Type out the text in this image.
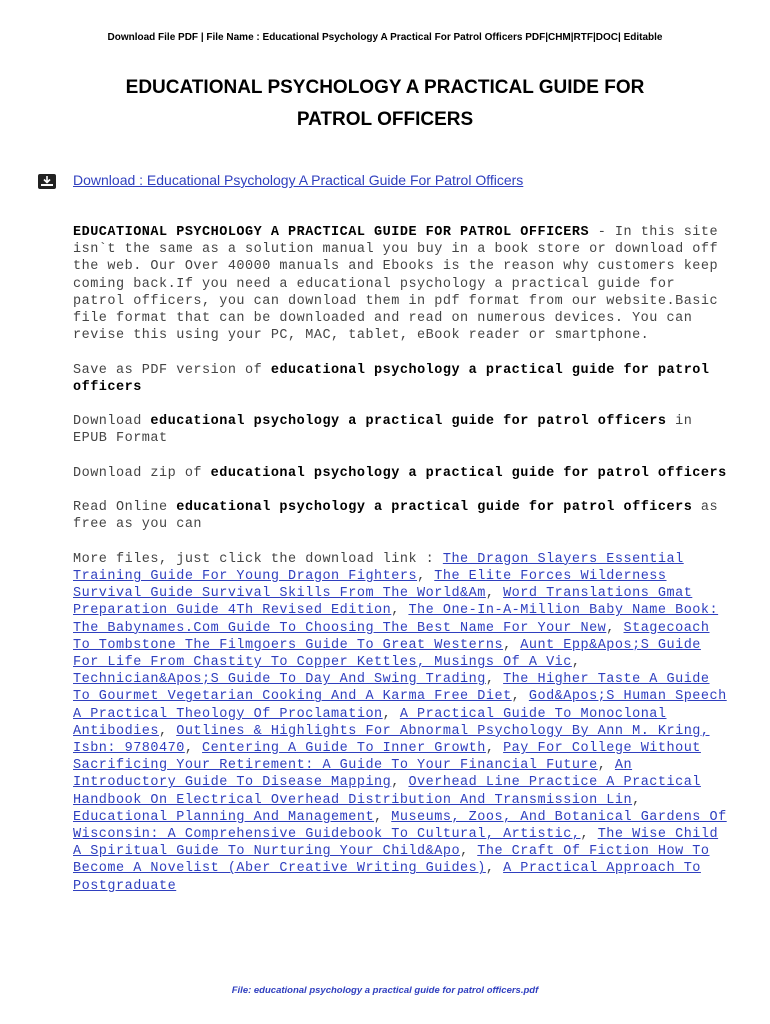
Download File PDF | File Name : Educational Psychology A Practical For Patrol Officers PDF|CHM|RTF|DOC| Editable
EDUCATIONAL PSYCHOLOGY A PRACTICAL GUIDE FOR
PATROL OFFICERS
Download : Educational Psychology A Practical Guide For Patrol Officers

EDUCATIONAL PSYCHOLOGY A PRACTICAL GUIDE FOR PATROL OFFICERS - In this site isn`t the same as a solution manual you buy in a book store or download off the web. Our Over 40000 manuals and Ebooks is the reason why customers keep coming back.If you need a educational psychology a practical guide for patrol officers, you can download them in pdf format from our website.Basic file format that can be downloaded and read on numerous devices. You can revise this using your PC, MAC, tablet, eBook reader or smartphone.

Save as PDF version of educational psychology a practical guide for patrol officers

Download educational psychology a practical guide for patrol officers in EPUB Format

Download zip of educational psychology a practical guide for patrol officers

Read Online educational psychology a practical guide for patrol officers as free as you can

More files, just click the download link : The Dragon Slayers Essential Training Guide For Young Dragon Fighters, The Elite Forces Wilderness Survival Guide Survival Skills From The World&Am, Word Translations Gmat Preparation Guide 4Th Revised Edition, The One-In-A-Million Baby Name Book: The Babynames.Com Guide To Choosing The Best Name For Your New, Stagecoach To Tombstone The Filmgoers Guide To Great Westerns, Aunt Epp&Apos;S Guide For Life From Chastity To Copper Kettles, Musings Of A Vic, Technician&Apos;S Guide To Day And Swing Trading, The Higher Taste A Guide To Gourmet Vegetarian Cooking And A Karma Free Diet, God&Apos;S Human Speech A Practical Theology Of Proclamation, A Practical Guide To Monoclonal Antibodies, Outlines & Highlights For Abnormal Psychology By Ann M. Kring, Isbn: 9780470, Centering A Guide To Inner Growth, Pay For College Without Sacrificing Your Retirement: A Guide To Your Financial Future, An Introductory Guide To Disease Mapping, Overhead Line Practice A Practical Handbook On Electrical Overhead Distribution And Transmission Lin, Educational Planning And Management, Museums, Zoos, And Botanical Gardens Of Wisconsin: A Comprehensive Guidebook To Cultural, Artistic,, The Wise Child A Spiritual Guide To Nurturing Your Child&Apo, The Craft Of Fiction How To Become A Novelist (Aber Creative Writing Guides), A Practical Approach To Postgraduate

File: educational psychology a practical guide for patrol officers.pdf
